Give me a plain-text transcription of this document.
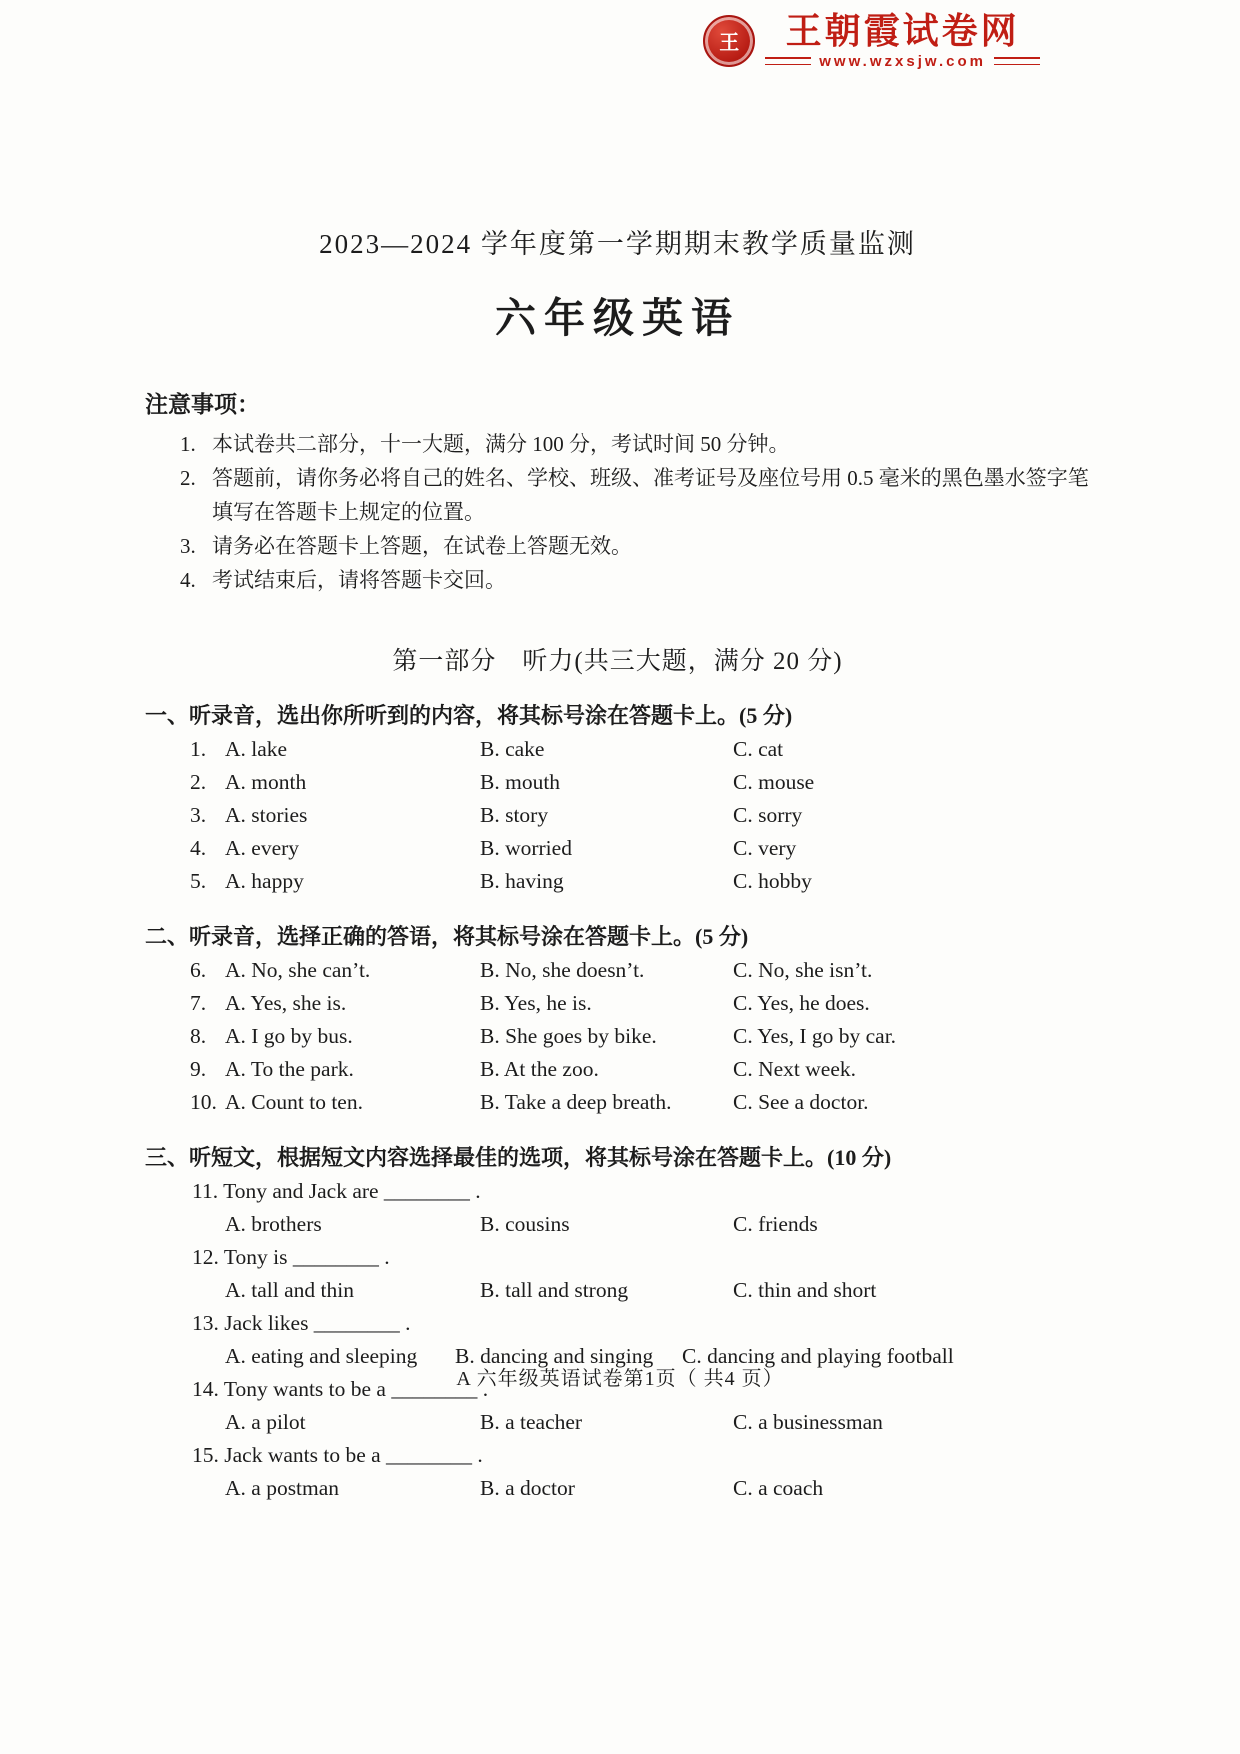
王	王朝霞试卷网
www.wzxsjw.com
2023—2024 学年度第一学期期末教学质量监测
六年级英语
注意事项：
1. 本试卷共二部分，十一大题，满分 100 分，考试时间 50 分钟。
2. 答题前，请你务必将自己的姓名、学校、班级、准考证号及座位号用 0.5 毫米的黑色墨水签字笔填写在答题卡上规定的位置。
3. 请务必在答题卡上答题，在试卷上答题无效。
4. 考试结束后，请将答题卡交回。
第一部分　听力(共三大题，满分 20 分)
一、听录音，选出你所听到的内容，将其标号涂在答题卡上。(5 分)
1. A. lake	B. cake	C. cat
2. A. month	B. mouth	C. mouse
3. A. stories	B. story	C. sorry
4. A. every	B. worried	C. very
5. A. happy	B. having	C. hobby
二、听录音，选择正确的答语，将其标号涂在答题卡上。(5 分)
6. A. No, she can’t.	B. No, she doesn’t.	C. No, she isn’t.
7. A. Yes, she is.	B. Yes, he is.	C. Yes, he does.
8. A. I go by bus.	B. She goes by bike.	C. Yes, I go by car.
9. A. To the park.	B. At the zoo.	C. Next week.
10. A. Count to ten.	B. Take a deep breath.	C. See a doctor.
三、听短文，根据短文内容选择最佳的选项，将其标号涂在答题卡上。(10 分)
11. Tony and Jack are ________ .
A. brothers	B. cousins	C. friends
12. Tony is ________ .
A. tall and thin	B. tall and strong	C. thin and short
13. Jack likes ________ .
A. eating and sleeping	B. dancing and singing	C. dancing and playing football
14. Tony wants to be a ________ .
A. a pilot	B. a teacher	C. a businessman
15. Jack wants to be a ________ .
A. a postman	B. a doctor	C. a coach
A 六年级英语试卷第1页（ 共4 页）
